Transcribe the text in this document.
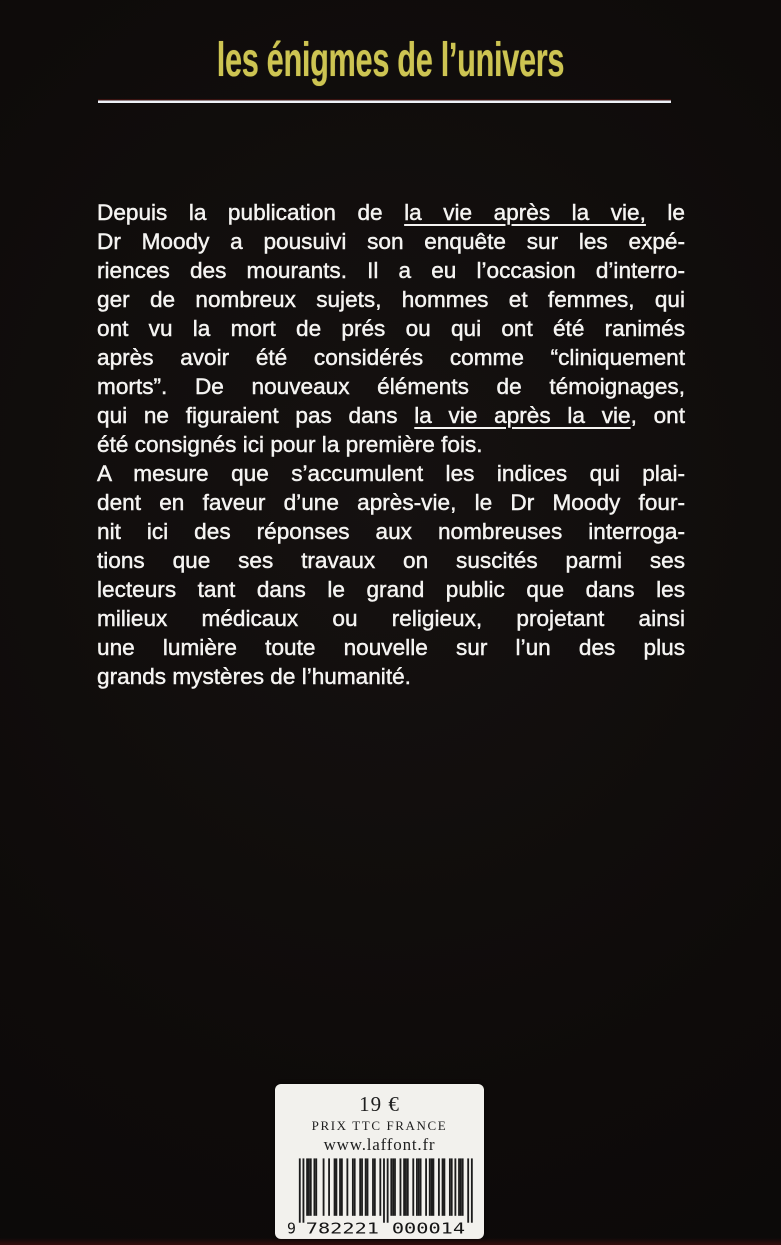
les énigmes de l’univers
Depuis la publication de la vie après la vie, le
Dr Moody a pousuivi son enquête sur les expé-
riences des mourants. Il a eu l’occasion d’interro-
ger de nombreux sujets, hommes et femmes, qui
ont vu la mort de prés ou qui ont été ranimés
après avoir été considérés comme “cliniquement
morts”. De nouveaux éléments de témoignages,
qui ne figuraient pas dans la vie après la vie, ont
été consignés ici pour la première fois.
A mesure que s’accumulent les indices qui plai-
dent en faveur d’une après-vie, le Dr Moody four-
nit ici des réponses aux nombreuses interroga-
tions que ses travaux on suscités parmi ses
lecteurs tant dans le grand public que dans les
milieux médicaux ou religieux, projetant ainsi
une lumière toute nouvelle sur l’un des plus
grands mystères de l’humanité.
19 €
PRIX TTC FRANCE
www.laffont.fr
9 782221 000014
